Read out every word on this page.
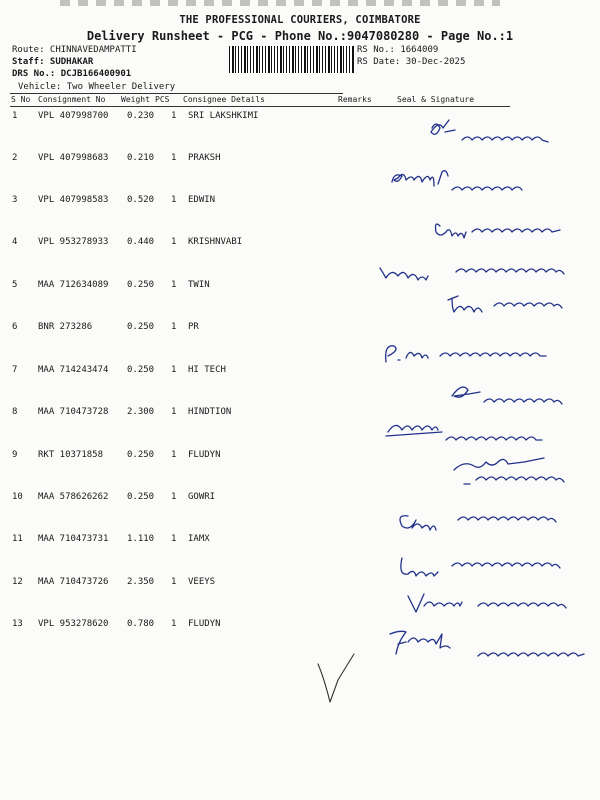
THE PROFESSIONAL COURIERS, COIMBATORE
Delivery Runsheet - PCG - Phone No.:9047080280 - Page No.:1
Route: CHINNAVEDAMPATTI
Staff: SUDHAKAR
DRS No.: DCJB166400901
RS No.: 1664009
RS Date: 30-Dec-2025
Vehicle: Two Wheeler Delivery
S No Consignment No Weight PCS Consignee Details	Remarks	Seal & Signature
1 VPL 407998700 0.230 1 SRI LAKSHKIMI
2 VPL 407998683 0.210 1 PRAKSH
3 VPL 407998583 0.520 1 EDWIN
4 VPL 953278933 0.440 1 KRISHNVABI
5 MAA 712634089 0.250 1 TWIN
6 BNR 273286	0.250 1 PR
7 MAA 714243474 0.250 1 HI TECH
8 MAA 710473728 2.300 1 HINDTION
9 RKT 10371858	0.250 1 FLUDYN
10 MAA 578626262 0.250 1 GOWRI
11 MAA 710473731 1.110 1 IAMX
12 MAA 710473726 2.350 1 VEEYS
13 VPL 953278620 0.780 1 FLUDYN
